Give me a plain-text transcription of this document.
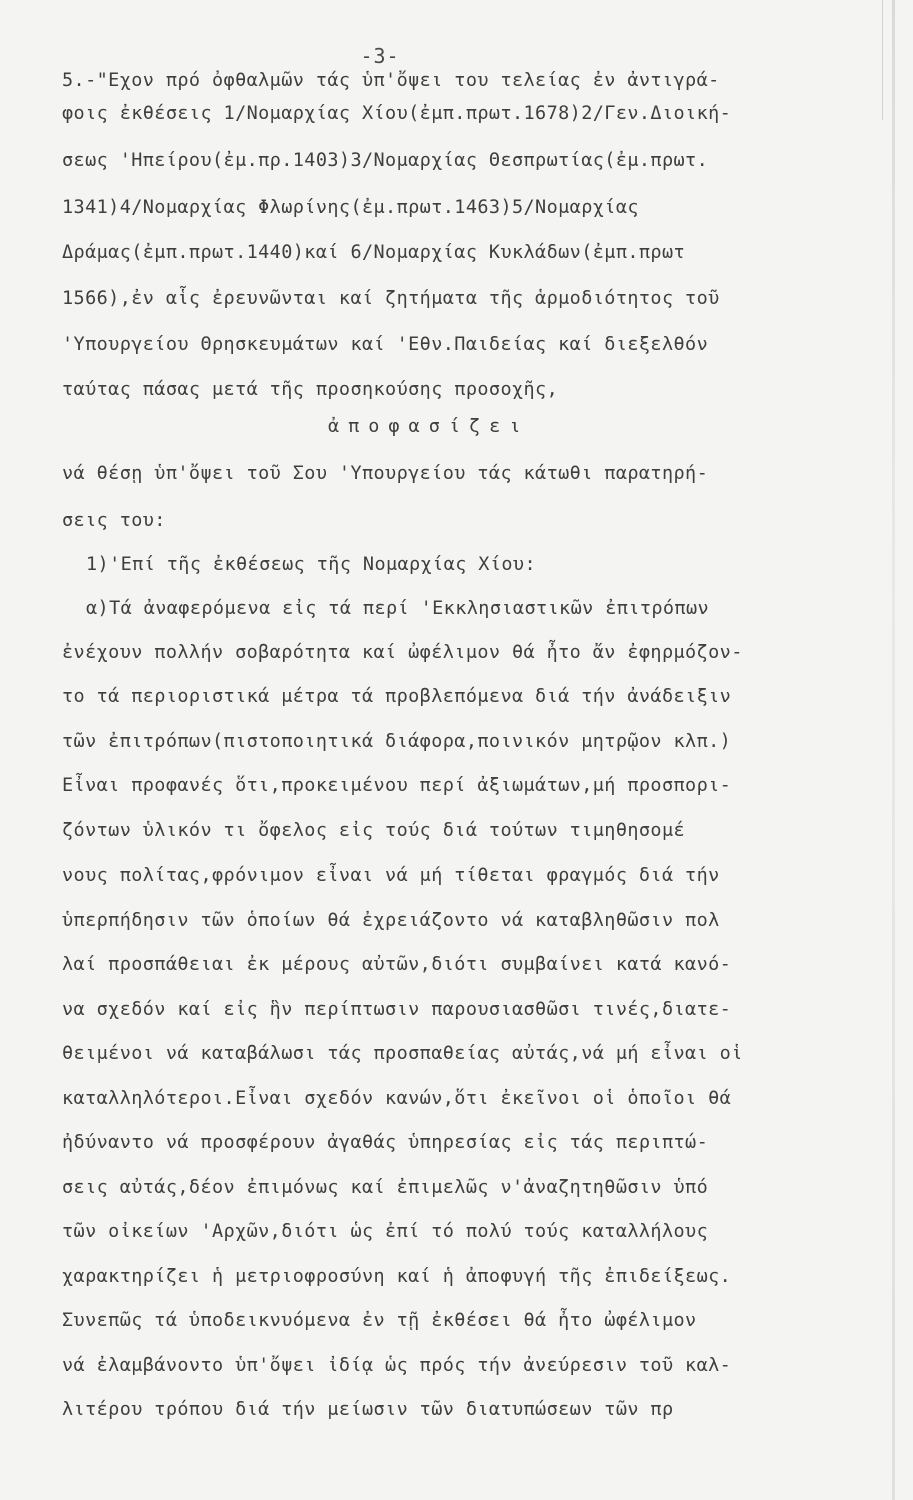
-3-
5.-"Εχον πρό ὀφθαλμῶν τάς ὑπ'ὄψει του τελείας ἐν ἀντιγρά-
φοις ἐκθέσεις 1/Νομαρχίας Χίου(ἐμπ.πρωτ.1678)2/Γεν.Διοική-
σεως 'Ηπείρου(ἐμ.πρ.1403)3/Νομαρχίας Θεσπρωτίας(ἐμ.πρωτ.
1341)4/Νομαρχίας Φλωρίνης(ἐμ.πρωτ.1463)5/Νομαρχίας
Δράμας(ἐμπ.πρωτ.1440)καί 6/Νομαρχίας Κυκλάδων(ἐμπ.πρωτ
1566),ἐν αἷς ἐρευνῶνται καί ζητήματα τῆς ἁρμοδιότητος τοῦ
'Υπουργείου Θρησκευμάτων καί 'Εθν.Παιδείας καί διεξελθόν
ταύτας πάσας μετά τῆς προσηκούσης προσοχῆς,
ἀποφασίζει
νά θέσῃ ὑπ'ὄψει τοῦ Σου 'Υπουργείου τάς κάτωθι παρατηρή-
σεις του:
1)'Επί τῆς ἐκθέσεως τῆς Νομαρχίας Χίου:
α)Τά ἀναφερόμενα εἰς τά περί 'Εκκλησιαστικῶν ἐπιτρόπων
ἐνέχουν πολλήν σοβαρότητα καί ὠφέλιμον θά ἦτο ἄν ἐφηρμόζον-
το τά περιοριστικά μέτρα τά προβλεπόμενα διά τήν ἀνάδειξιν
τῶν ἐπιτρόπων(πιστοποιητικά διάφορα,ποινικόν μητρῷον κλπ.)
Εἶναι προφανές ὅτι,προκειμένου περί ἀξιωμάτων,μή προσπορι-
ζόντων ὑλικόν τι ὄφελος εἰς τούς διά τούτων τιμηθησομέ
νους πολίτας,φρόνιμον εἶναι νά μή τίθεται φραγμός διά τήν
ὑπερπήδησιν τῶν ὁποίων θά ἐχρειάζοντο νά καταβληθῶσιν πολ
λαί προσπάθειαι ἐκ μέρους αὐτῶν,διότι συμβαίνει κατά κανό-
να σχεδόν καί εἰς ἣν περίπτωσιν παρουσιασθῶσι τινές,διατε-
θειμένοι νά καταβάλωσι τάς προσπαθείας αὐτάς,νά μή εἶναι οἱ
καταλληλότεροι.Εἶναι σχεδόν κανών,ὅτι ἐκεῖνοι οἱ ὁποῖοι θά
ἠδύναντο νά προσφέρουν ἀγαθάς ὑπηρεσίας εἰς τάς περιπτώ-
σεις αὐτάς,δέον ἐπιμόνως καί ἐπιμελῶς ν'ἀναζητηθῶσιν ὑπό
τῶν οἰκείων 'Αρχῶν,διότι ὡς ἐπί τό πολύ τούς καταλλήλους
χαρακτηρίζει ἡ μετριοφροσύνη καί ἡ ἀποφυγή τῆς ἐπιδείξεως.
Συνεπῶς τά ὑποδεικνυόμενα ἐν τῇ ἐκθέσει θά ἦτο ὠφέλιμον
νά ἐλαμβάνοντο ὑπ'ὄψει ἰδίᾳ ὡς πρός τήν ἀνεύρεσιν τοῦ καλ-
λιτέρου τρόπου διά τήν μείωσιν τῶν διατυπώσεων τῶν πρ
